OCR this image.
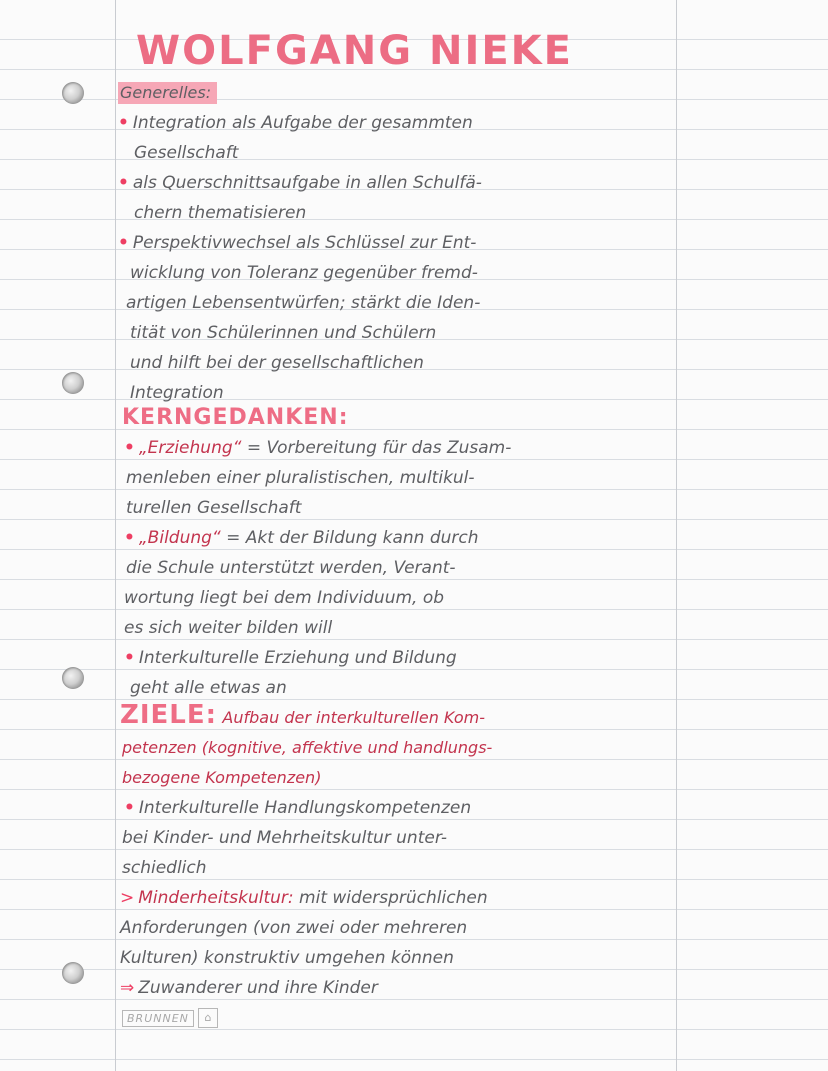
WOLFGANG NIEKE
Generelles:
• Integration als Aufgabe der gesammten
Gesellschaft
• als Querschnittsaufgabe in allen Schulfä-
chern thematisieren
• Perspektivwechsel als Schlüssel zur Ent-
wicklung von Toleranz gegenüber fremd-
artigen Lebensentwürfen; stärkt die Iden-
tität von Schülerinnen und Schülern
und hilft bei der gesellschaftlichen
Integration
KERNGEDANKEN:
• „Erziehung“ = Vorbereitung für das Zusam-
menleben einer pluralistischen, multikul-
turellen Gesellschaft
• „Bildung“ = Akt der Bildung kann durch
die Schule unterstützt werden, Verant-
wortung liegt bei dem Individuum, ob
es sich weiter bilden will
• Interkulturelle Erziehung und Bildung
geht alle etwas an
ZIELE: Aufbau der interkulturellen Kom-
petenzen (kognitive, affektive und handlungs-
bezogene Kompetenzen)
• Interkulturelle Handlungskompetenzen
bei Kinder- und Mehrheitskultur unter-
schiedlich
> Minderheitskultur: mit widersprüchlichen
Anforderungen (von zwei oder mehreren
Kulturen) konstruktiv umgehen können
⇒ Zuwanderer und ihre Kinder
BRUNNEN	⌂
